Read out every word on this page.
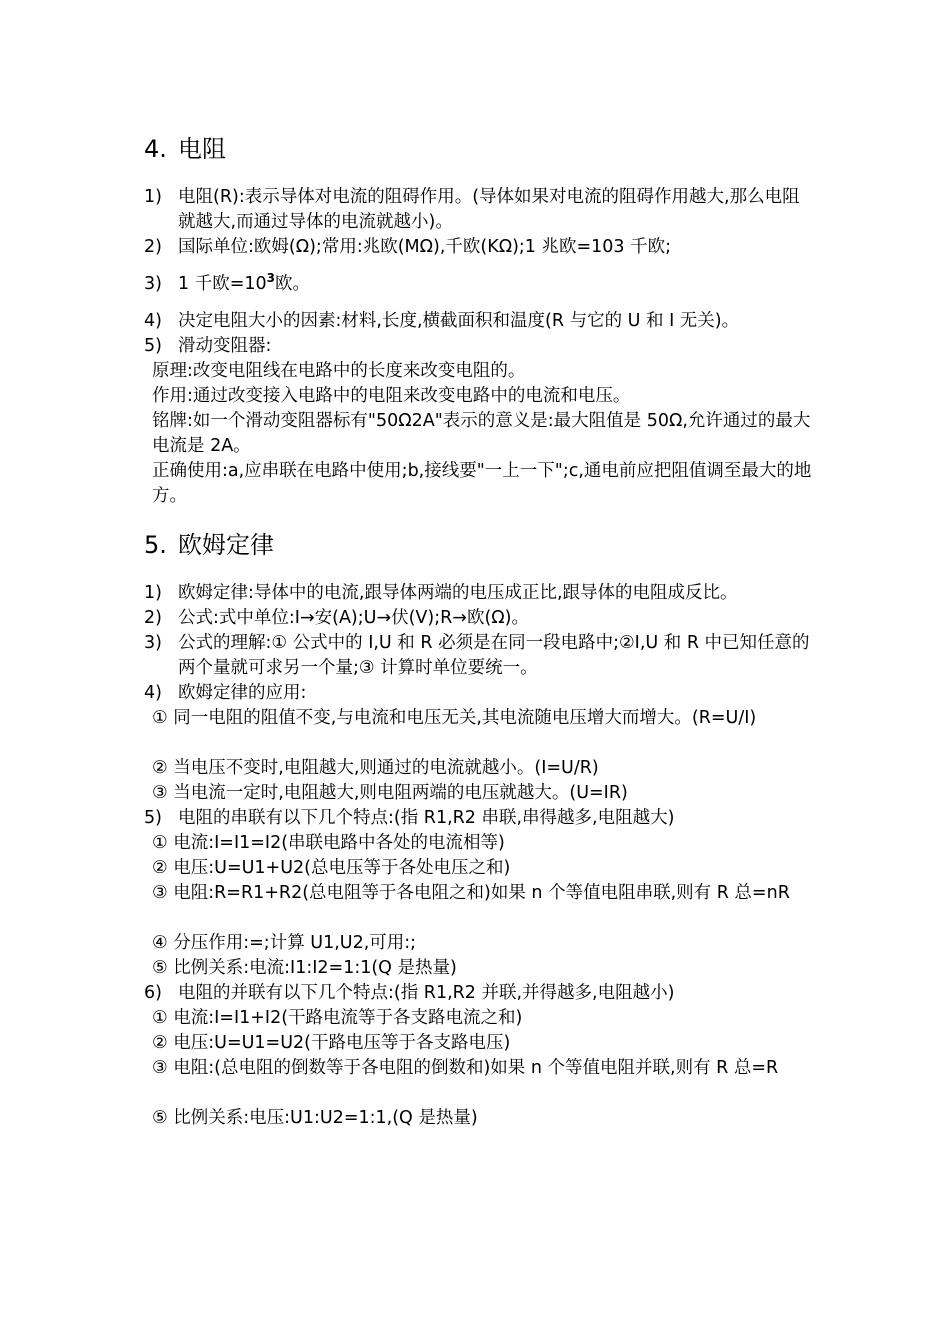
4. 电阻
1) 电阻(R):表示导体对电流的阻碍作用。(导体如果对电流的阻碍作用越大,那么电阻就越大,而通过导体的电流就越小)。
2) 国际单位:欧姆(Ω);常用:兆欧(MΩ),千欧(KΩ);1 兆欧=103 千欧;
3) 1 千欧$=10^3$欧。
4) 决定电阻大小的因素:材料,长度,横截面积和温度(R 与它的 U 和 I 无关)。
5) 滑动变阻器:
原理:改变电阻线在电路中的长度来改变电阻的。
作用:通过改变接入电路中的电阻来改变电路中的电流和电压。
铭牌:如一个滑动变阻器标有"50Ω2A"表示的意义是:最大阻值是 50Ω,允许通过的最大电流是 2A。
正确使用:a,应串联在电路中使用;b,接线要"一上一下";c,通电前应把阻值调至最大的地方。
5. 欧姆定律
1) 欧姆定律:导体中的电流,跟导体两端的电压成正比,跟导体的电阻成反比。
2) 公式:式中单位:I→安(A);U→伏(V);R→欧(Ω)。
3) 公式的理解:① 公式中的 I,U 和 R 必须是在同一段电路中;②I,U 和 R 中已知任意的两个量就可求另一个量;③ 计算时单位要统一。
4) 欧姆定律的应用:
① 同一电阻的阻值不变,与电流和电压无关,其电流随电压增大而增大。(R=U/I)
② 当电压不变时,电阻越大,则通过的电流就越小。(I=U/R)
③ 当电流一定时,电阻越大,则电阻两端的电压就越大。(U=IR)
5) 电阻的串联有以下几个特点:(指 R1,R2 串联,串得越多,电阻越大)
① 电流:I=I1=I2(串联电路中各处的电流相等)
② 电压:U=U1+U2(总电压等于各处电压之和)
③ 电阻:R=R1+R2(总电阻等于各电阻之和)如果 n 个等值电阻串联,则有 R 总=nR
④ 分压作用:=;计算 U1,U2,可用:;
⑤ 比例关系:电流:I1:I2=1:1(Q 是热量)
6) 电阻的并联有以下几个特点:(指 R1,R2 并联,并得越多,电阻越小)
① 电流:I=I1+I2(干路电流等于各支路电流之和)
② 电压:U=U1=U2(干路电压等于各支路电压)
③ 电阻:(总电阻的倒数等于各电阻的倒数和)如果 n 个等值电阻并联,则有 R 总=R
⑤ 比例关系:电压:U1:U2=1:1,(Q 是热量)
